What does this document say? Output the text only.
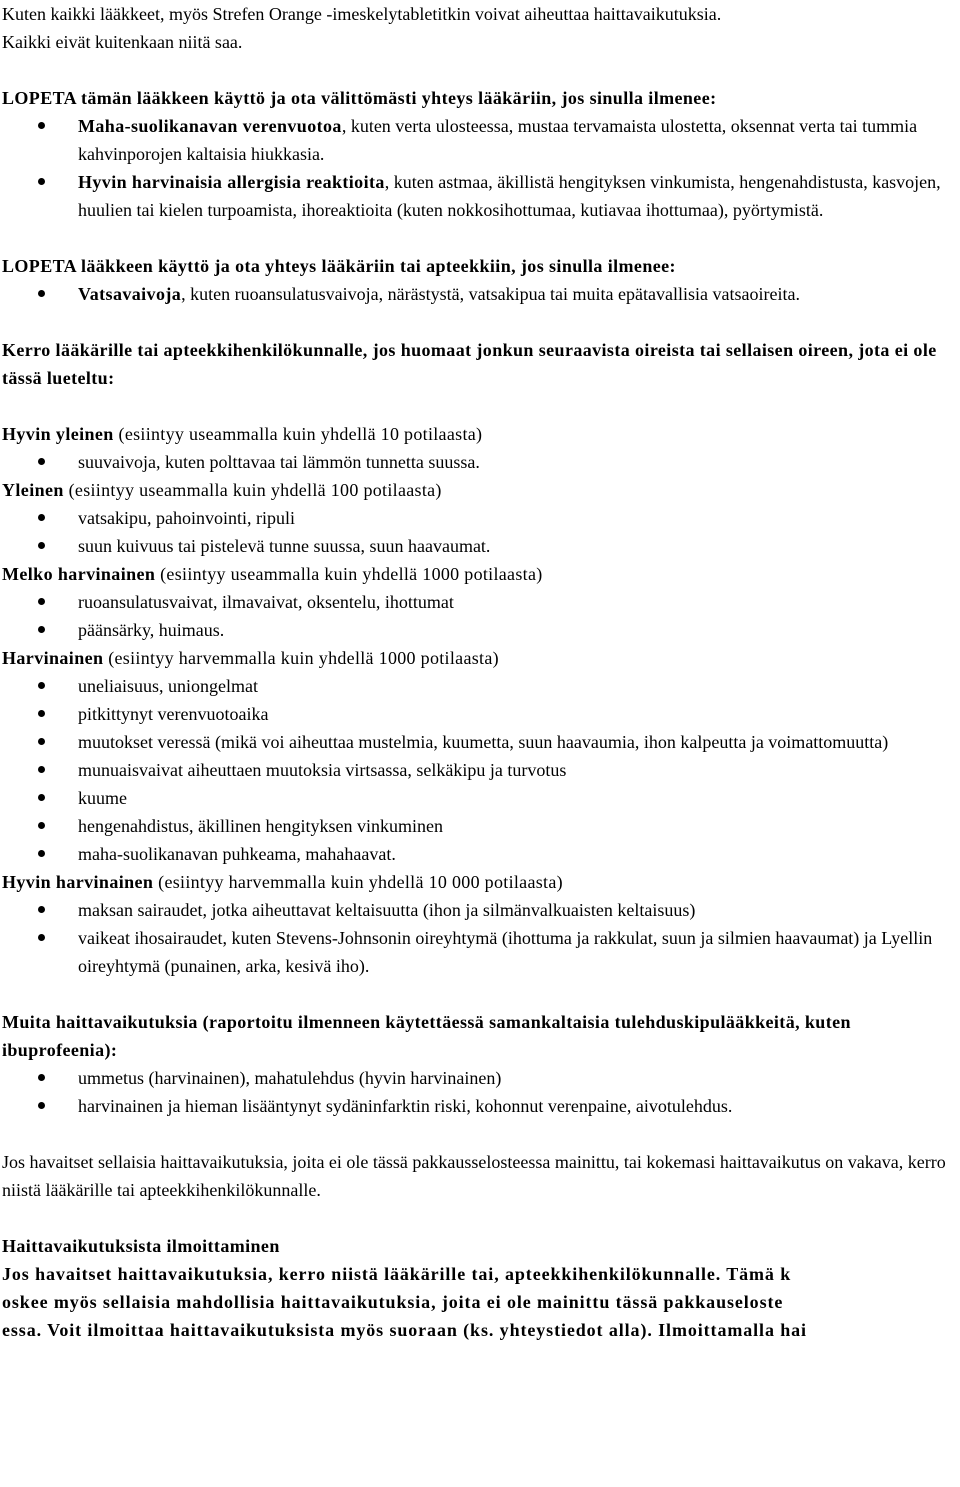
Kuten kaikki lääkkeet, myös Strefen Orange -imeskelytabletitkin voivat aiheuttaa haittavaikutuksia.

Kaikki eivät kuitenkaan niitä saa.

LOPETA tämän lääkkeen käyttö ja ota välittömästi yhteys lääkäriin, jos sinulla ilmenee:

Maha-suolikanavan verenvuotoa, kuten verta ulosteessa, mustaa tervamaista ulostetta, oksennat verta tai tummia kahvinporojen kaltaisia hiukkasia.
Hyvin harvinaisia allergisia reaktioita, kuten astmaa, äkillistä hengityksen vinkumista, hengenahdistusta, kasvojen, huulien tai kielen turpoamista, ihoreaktioita (kuten nokkosihottumaa, kutiavaa ihottumaa), pyörtymistä.

LOPETA lääkkeen käyttö ja ota yhteys lääkäriin tai apteekkiin, jos sinulla ilmenee:

Vatsavaivoja, kuten ruoansulatusvaivoja, närästystä, vatsakipua tai muita epätavallisia vatsaoireita.

Kerro lääkärille tai apteekkihenkilökunnalle, jos huomaat jonkun seuraavista oireista tai sellaisen oireen, jota ei ole tässä lueteltu:

Hyvin yleinen (esiintyy useammalla kuin yhdellä 10 potilaasta)

suuvaivoja, kuten polttavaa tai lämmön tunnetta suussa.

Yleinen (esiintyy useammalla kuin yhdellä 100 potilaasta)

vatsakipu, pahoinvointi, ripuli
suun kuivuus tai pistelevä tunne suussa, suun haavaumat.

Melko harvinainen (esiintyy useammalla kuin yhdellä 1000 potilaasta)

ruoansulatusvaivat, ilmavaivat, oksentelu, ihottumat
päänsärky, huimaus.

Harvinainen (esiintyy harvemmalla kuin yhdellä 1000 potilaasta)

uneliaisuus, uniongelmat
pitkittynyt verenvuotoaika
muutokset veressä (mikä voi aiheuttaa mustelmia, kuumetta, suun haavaumia, ihon kalpeutta ja voimattomuutta)
munuaisvaivat aiheuttaen muutoksia virtsassa, selkäkipu ja turvotus
kuume
hengenahdistus, äkillinen hengityksen vinkuminen
maha-suolikanavan puhkeama, mahahaavat.

Hyvin harvinainen (esiintyy harvemmalla kuin yhdellä 10 000 potilaasta)

maksan sairaudet, jotka aiheuttavat keltaisuutta (ihon ja silmänvalkuaisten keltaisuus)
vaikeat ihosairaudet, kuten Stevens-Johnsonin oireyhtymä (ihottuma ja rakkulat, suun ja silmien haavaumat) ja Lyellin oireyhtymä (punainen, arka, kesivä iho).

Muita haittavaikutuksia (raportoitu ilmenneen käytettäessä samankaltaisia tulehduskipulääkkeitä, kuten ibuprofeenia):

ummetus (harvinainen), mahatulehdus (hyvin harvinainen)
harvinainen ja hieman lisääntynyt sydäninfarktin riski, kohonnut verenpaine, aivotulehdus.

Jos havaitset sellaisia haittavaikutuksia, joita ei ole tässä pakkausselosteessa mainittu, tai kokemasi haittavaikutus on vakava, kerro niistä lääkärille tai apteekkihenkilökunnalle.

Haittavaikutuksista ilmoittaminen

Jos havaitset haittavaikutuksia, kerro niistä lääkärille tai, apteekkihenkilökunnalle. Tämä k

oskee myös sellaisia mahdollisia haittavaikutuksia, joita ei ole mainittu tässä pakkauseloste

essa. Voit ilmoittaa haittavaikutuksista myös suoraan (ks. yhteystiedot alla). Ilmoittamalla hai
